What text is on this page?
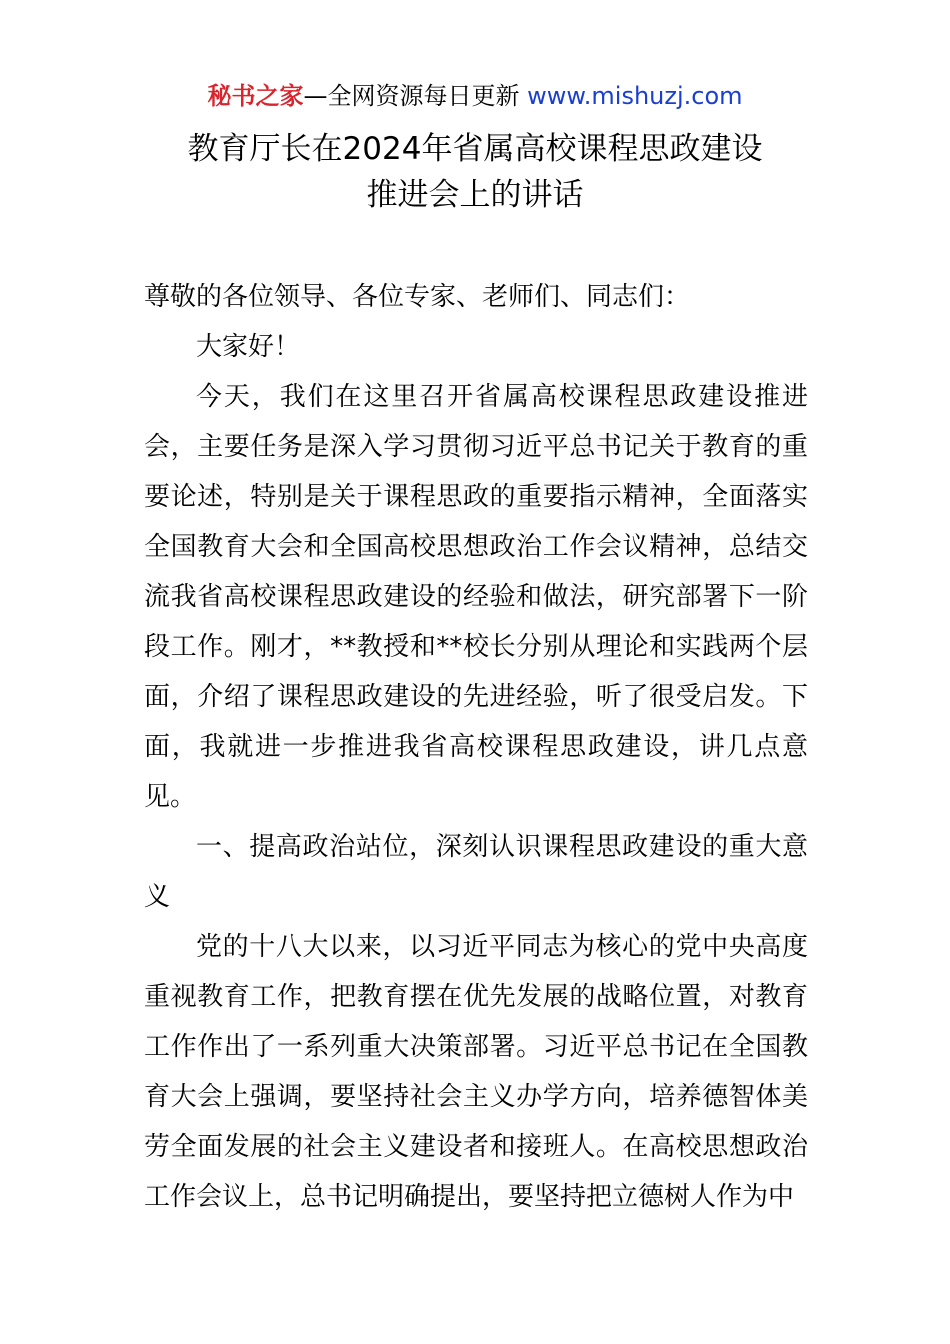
秘书之家—全网资源每日更新 www.mishuzj.com
教育厅长在2024年省属高校课程思政建设
推进会上的讲话

尊敬的各位领导、各位专家、老师们、同志们：

大家好！

今天，我们在这里召开省属高校课程思政建设推进会，主要任务是深入学习贯彻习近平总书记关于教育的重要论述，特别是关于课程思政的重要指示精神，全面落实全国教育大会和全国高校思想政治工作会议精神，总结交流我省高校课程思政建设的经验和做法，研究部署下一阶段工作。刚才，**教授和**校长分别从理论和实践两个层面，介绍了课程思政建设的先进经验，听了很受启发。下面，我就进一步推进我省高校课程思政建设，讲几点意见。

一、提高政治站位，深刻认识课程思政建设的重大意义

党的十八大以来，以习近平同志为核心的党中央高度重视教育工作，把教育摆在优先发展的战略位置，对教育工作作出了一系列重大决策部署。习近平总书记在全国教育大会上强调，要坚持社会主义办学方向，培养德智体美劳全面发展的社会主义建设者和接班人。在高校思想政治工作会议上，总书记明确提出，要坚持把立德树人作为中
